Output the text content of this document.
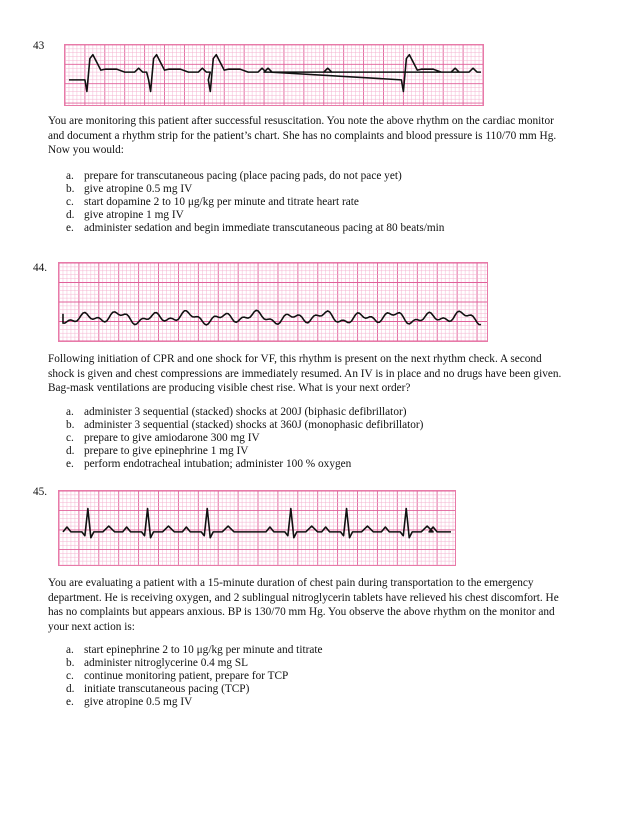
43
You are monitoring this patient after successful resuscitation. You note the above rhythm on the cardiac monitor and document a rhythm strip for the patient’s chart. She has no complaints and blood pressure is 110/70 mm Hg. Now you would:
a. prepare for transcutaneous pacing (place pacing pads, do not pace yet)
b. give atropine 0.5 mg IV
c. start dopamine 2 to 10 μg/kg per minute and titrate heart rate
d. give atropine 1 mg IV
e. administer sedation and begin immediate transcutaneous pacing at 80 beats/min
44.
Following initiation of CPR and one shock for VF, this rhythm is present on the next rhythm check. A second shock is given and chest compressions are immediately resumed. An IV is in place and no drugs have been given. Bag-mask ventilations are producing visible chest rise. What is your next order?
a. administer 3 sequential (stacked) shocks at 200J (biphasic defibrillator)
b. administer 3 sequential (stacked) shocks at 360J (monophasic defibrillator)
c. prepare to give amiodarone 300 mg IV
d. prepare to give epinephrine 1 mg IV
e. perform endotracheal intubation; administer 100 % oxygen
45.
You are evaluating a patient with a 15-minute duration of chest pain during transportation to the emergency department. He is receiving oxygen, and 2 sublingual nitroglycerin tablets have relieved his chest discomfort. He has no complaints but appears anxious. BP is 130/70 mm Hg. You observe the above rhythm on the monitor and your next action is:
a. start epinephrine 2 to 10 μg/kg per minute and titrate
b. administer nitroglycerine 0.4 mg SL
c. continue monitoring patient, prepare for TCP
d. initiate transcutaneous pacing (TCP)
e. give atropine 0.5 mg IV
